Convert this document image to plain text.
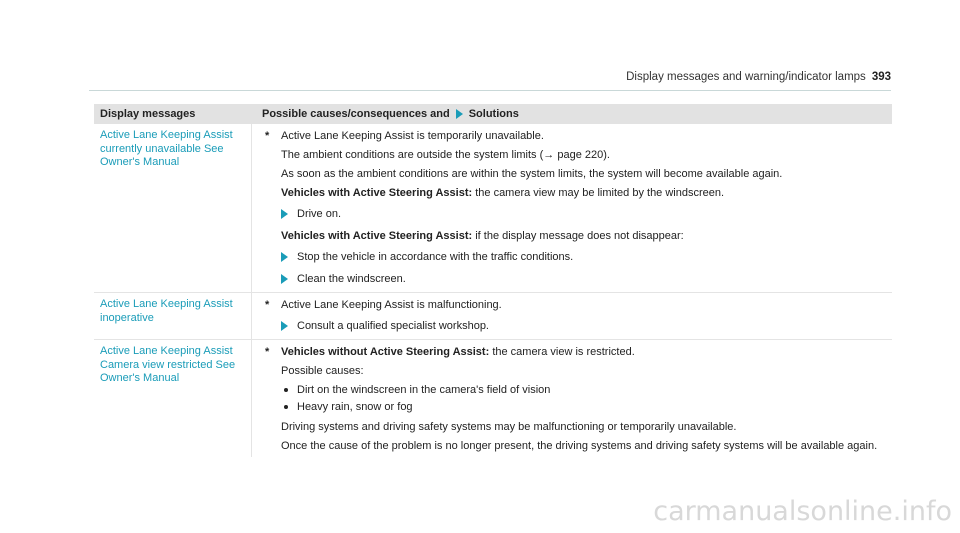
Display messages and warning/indicator lamps 393
Display messages	Possible causes/consequences and Solutions
Active Lane Keeping Assist currently unavailable See Owner's Manual
* Active Lane Keeping Assist is temporarily unavailable.

The ambient conditions are outside the system limits (→ page 220).

As soon as the ambient conditions are within the system limits, the system will become available again.

Vehicles with Active Steering Assist: the camera view may be limited by the windscreen.

Drive on.

Vehicles with Active Steering Assist: if the display message does not disappear:

Stop the vehicle in accordance with the traffic conditions.
Clean the windscreen.
Active Lane Keeping Assist inoperative
* Active Lane Keeping Assist is malfunctioning.

Consult a qualified specialist workshop.
Active Lane Keeping Assist Camera view restricted See Owner's Manual
* Vehicles without Active Steering Assist: the camera view is restricted.

Possible causes:

Dirt on the windscreen in the camera's field of vision
Heavy rain, snow or fog

Driving systems and driving safety systems may be malfunctioning or temporarily unavailable.

Once the cause of the problem is no longer present, the driving systems and driving safety systems will be available again.

carmanualsonline.info
